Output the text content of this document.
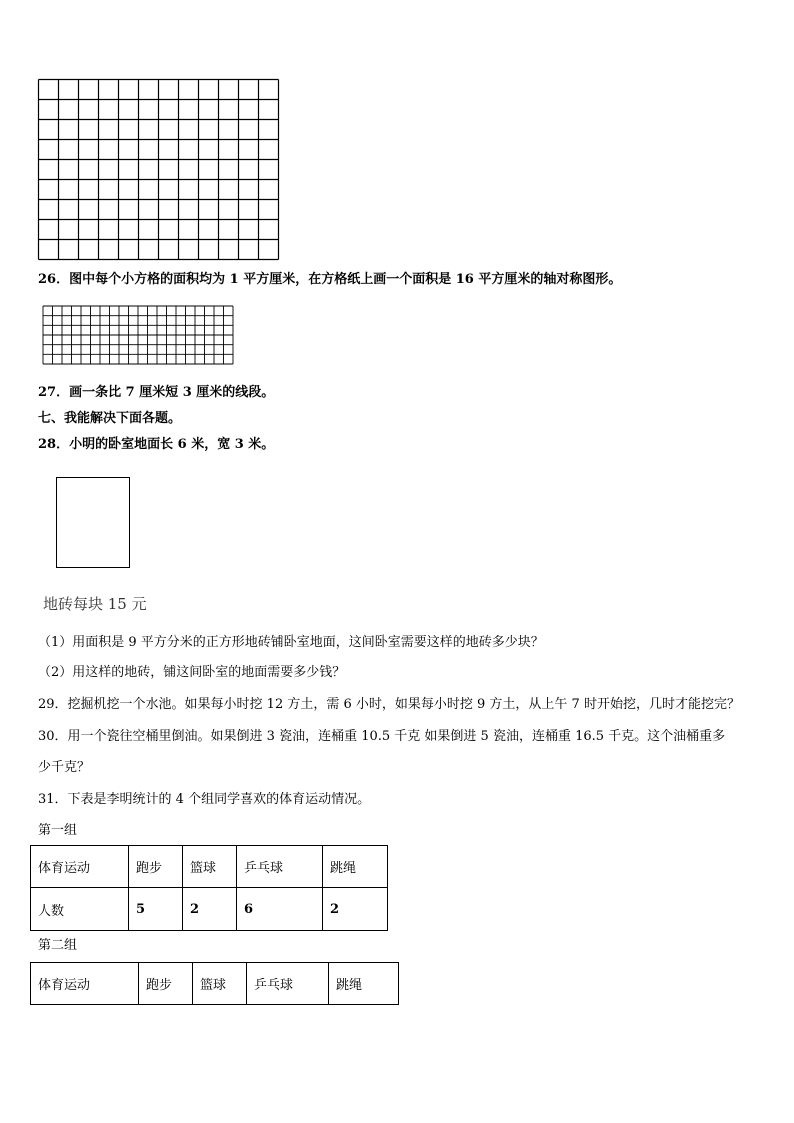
26．图中每个小方格的面积均为 1 平方厘米，在方格纸上画一个面积是 16 平方厘米的轴对称图形。
27．画一条比 7 厘米短 3 厘米的线段。
七、我能解决下面各题。
28．小明的卧室地面长 6 米，宽 3 米。
地砖每块 15 元
（1）用面积是 9 平方分米的正方形地砖铺卧室地面，这间卧室需要这样的地砖多少块？
（2）用这样的地砖，铺这间卧室的地面需要多少钱？
29．挖掘机挖一个水池。如果每小时挖 12 方土，需 6 小时，如果每小时挖 9 方土，从上午 7 时开始挖，几时才能挖完？
30．用一个瓷往空桶里倒油。如果倒进 3 瓷油，连桶重 10.5 千克 如果倒进 5 瓷油，连桶重 16.5 千克。这个油桶重多
少千克？
31．下表是李明统计的 4 个组同学喜欢的体育运动情况。
第一组
体育运动	跑步	篮球	乒乓球	跳绳
人数	5	2	6	2
第二组
体育运动	跑步	篮球	乒乓球	跳绳
